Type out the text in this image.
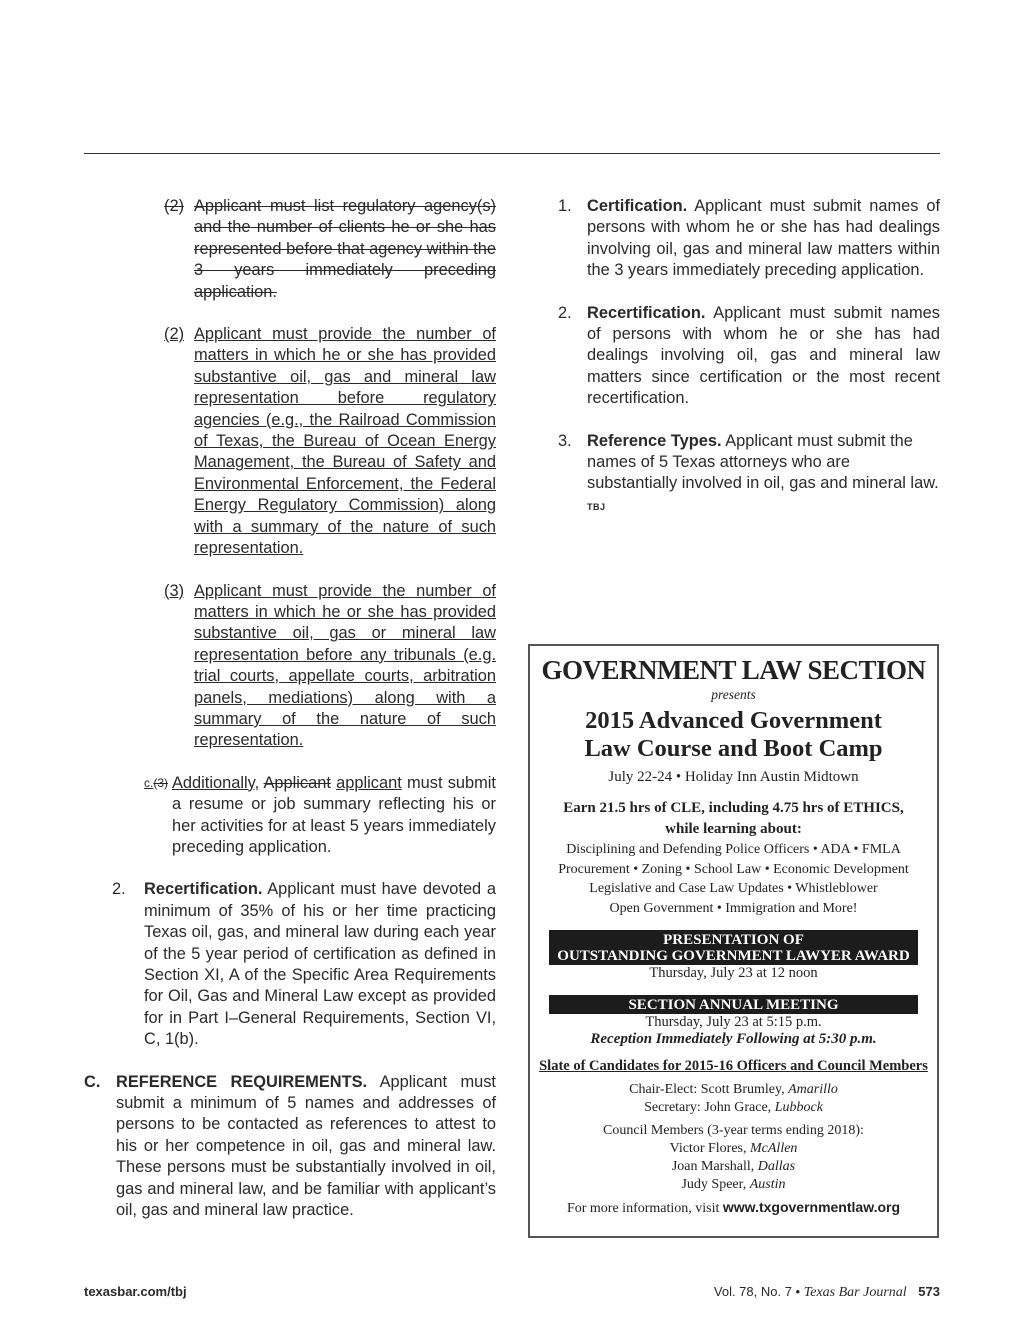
(2) Applicant must list regulatory agency(s) and the number of clients he or she has represented before that agency within the 3 years immediately preceding application.
(2) Applicant must provide the number of matters in which he or she has provided substantive oil, gas and mineral law representation before regulatory agencies (e.g., the Railroad Commission of Texas, the Bureau of Ocean Energy Management, the Bureau of Safety and Environmental Enforcement, the Federal Energy Regulatory Commission) along with a summary of the nature of such representation.
(3) Applicant must provide the number of matters in which he or she has provided substantive oil, gas or mineral law representation before any tribunals (e.g. trial courts, appellate courts, arbitration panels, mediations) along with a summary of the nature of such representation.
c.(3) Additionally, Applicant applicant must submit a resume or job summary reflecting his or her activities for at least 5 years immediately preceding application.
2.	Recertification. Applicant must have devoted a minimum of 35% of his or her time practicing Texas oil, gas, and mineral law during each year of the 5 year period of certification as defined in Section XI, A of the Specific Area Requirements for Oil, Gas and Mineral Law except as provided for in Part I–General Requirements, Section VI, C, 1(b).
C. REFERENCE REQUIREMENTS. Applicant must submit a minimum of 5 names and addresses of persons to be contacted as references to attest to his or her competence in oil, gas and mineral law. These persons must be substantially involved in oil, gas and mineral law, and be familiar with applicant’s oil, gas and mineral law practice.
1. Certification. Applicant must submit names of persons with whom he or she has had dealings involving oil, gas and mineral law matters within the 3 years immediately preceding application.
2. Recertification. Applicant must submit names of persons with whom he or she has had dealings involving oil, gas and mineral law matters since certification or the most recent recertification.
3. Reference Types. Applicant must submit the names of 5 Texas attorneys who are substantially involved in oil, gas and mineral law. TBJ
GOVERNMENT LAW SECTION
presents
2015 Advanced Government Law Course and Boot Camp
July 22-24 • Holiday Inn Austin Midtown
Earn 21.5 hrs of CLE, including 4.75 hrs of ETHICS, while learning about:
Disciplining and Defending Police Officers • ADA • FMLA
Procurement • Zoning • School Law • Economic Development
Legislative and Case Law Updates • Whistleblower
Open Government • Immigration and More!
PRESENTATION OF
OUTSTANDING GOVERNMENT LAWYER AWARD
Thursday, July 23 at 12 noon
SECTION ANNUAL MEETING
Thursday, July 23 at 5:15 p.m.
Reception Immediately Following at 5:30 p.m.
Slate of Candidates for 2015-16 Officers and Council Members
Chair-Elect: Scott Brumley, Amarillo
Secretary: John Grace, Lubbock
Council Members (3-year terms ending 2018):
Victor Flores, McAllen
Joan Marshall, Dallas
Judy Speer, Austin
For more information, visit www.txgovernmentlaw.org
texasbar.com/tbj	Vol. 78, No. 7 • Texas Bar Journal 573
